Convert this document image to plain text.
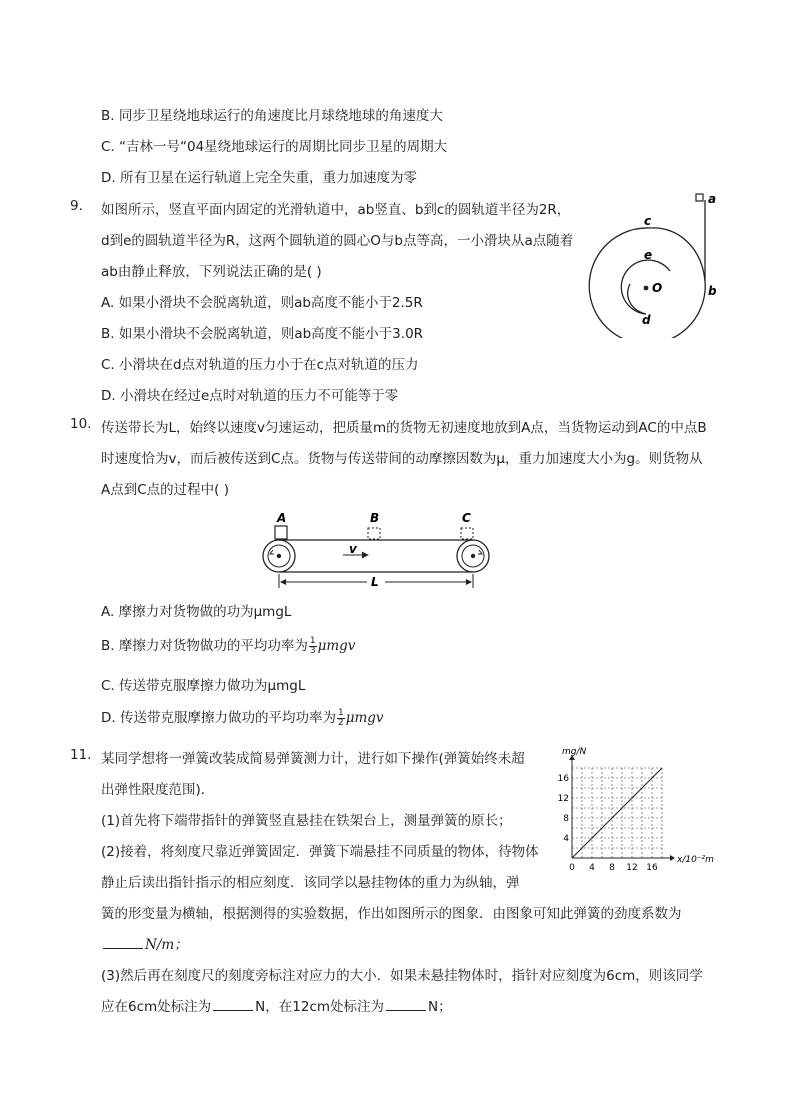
B. 同步卫星绕地球运行的角速度比月球绕地球的角速度大
C. “吉林一号“04星绕地球运行的周期比同步卫星的周期大
D. 所有卫星在运行轨道上完全失重，重力加速度为零
9. 如图所示，竖直平面内固定的光滑轨道中，ab竖直、b到c的圆轨道半径为2R，
d到e的圆轨道半径为R，这两个圆轨道的圆心O与b点等高，一小滑块从a点随着
ab由静止释放，下列说法正确的是( )
A. 如果小滑块不会脱离轨道，则ab高度不能小于2.5R
B. 如果小滑块不会脱离轨道，则ab高度不能小于3.0R
C. 小滑块在d点对轨道的压力小于在c点对轨道的压力
D. 小滑块在经过e点时对轨道的压力不可能等于零
a
b
c
d
e
O
10. 传送带长为L，始终以速度v匀速运动，把质量m的货物无初速度地放到A点，当货物运动到AC的中点B
时速度恰为v，而后被传送到C点。货物与传送带间的动摩擦因数为μ，重力加速度大小为g。则货物从
A点到C点的过程中( )
A	B	C
v
L
A. 摩擦力对货物做的功为μmgL
B. 摩擦力对货物做功的平均功率为 $\frac{1}{3}$ μmgv
C. 传送带克服摩擦力做功为μmgL
D. 传送带克服摩擦力做功的平均功率为 $\frac{1}{2}$ μmgv
11. 某同学想将一弹簧改装成简易弹簧测力计，进行如下操作(弹簧始终未超
出弹性限度范围)．
(1)首先将下端带指针的弹簧竖直悬挂在铁架台上，测量弹簧的原长；
(2)接着，将刻度尺靠近弹簧固定．弹簧下端悬挂不同质量的物体，待物体
静止后读出指针指示的相应刻度．该同学以悬挂物体的重力为纵轴，弹
簧的形变量为横轴，根据测得的实验数据，作出如图所示的图象．由图象可知此弹簧的劲度系数为
N/m；
(3)然后再在刻度尺的刻度旁标注对应力的大小．如果未悬挂物体时，指针对应刻度为6cm，则该同学
应在6cm处标注为	N，在12cm处标注为	N；
0 4 8 12 16
4
8
12
16
mg/N
x/10⁻²m
